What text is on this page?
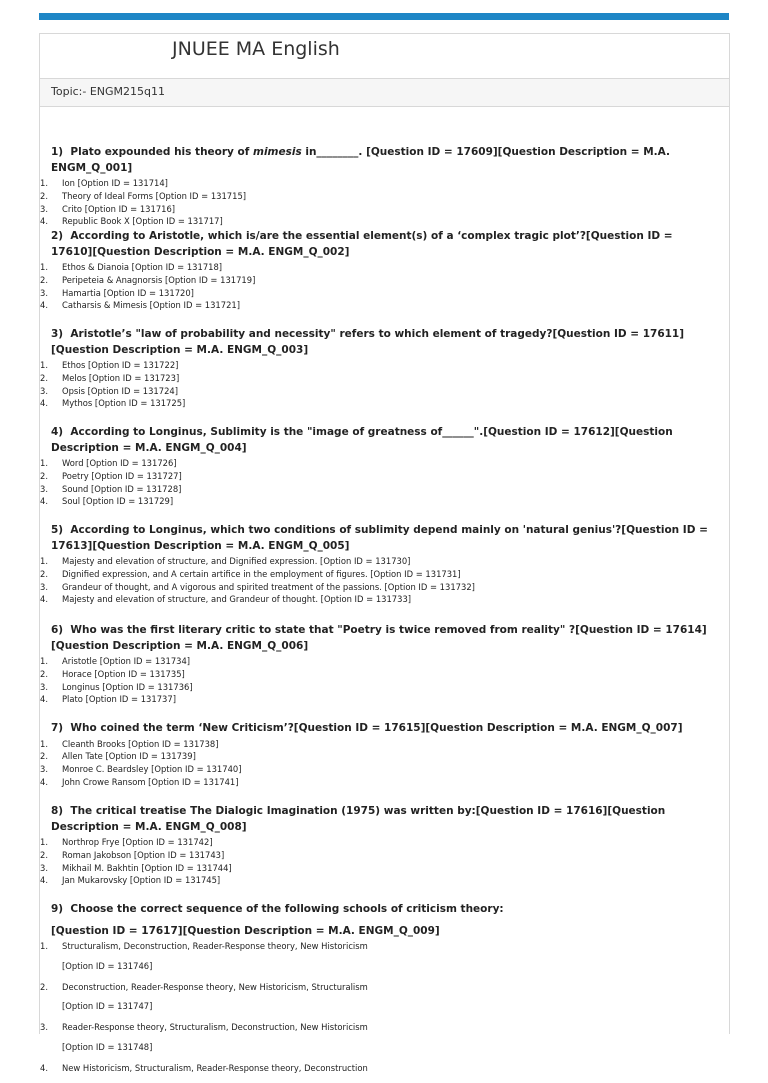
JNUEE MA English
Topic:- ENGM215q11
1) Plato expounded his theory of mimesis in________. [Question ID = 17609][Question Description = M.A. ENGM_Q_001]
1. Ion [Option ID = 131714]
2. Theory of Ideal Forms [Option ID = 131715]
3. Crito [Option ID = 131716]
4. Republic Book X [Option ID = 131717]
2) According to Aristotle, which is/are the essential element(s) of a ‘complex tragic plot’?[Question ID = 17610][Question Description = M.A. ENGM_Q_002]
1. Ethos & Dianoia [Option ID = 131718]
2. Peripeteia & Anagnorsis [Option ID = 131719]
3. Hamartia [Option ID = 131720]
4. Catharsis & Mimesis [Option ID = 131721]
3) Aristotle’s "law of probability and necessity" refers to which element of tragedy?[Question ID = 17611][Question Description = M.A. ENGM_Q_003]
1. Ethos [Option ID = 131722]
2. Melos [Option ID = 131723]
3. Opsis [Option ID = 131724]
4. Mythos [Option ID = 131725]
4) According to Longinus, Sublimity is the "image of greatness of______".[Question ID = 17612][Question Description = M.A. ENGM_Q_004]
1. Word [Option ID = 131726]
2. Poetry [Option ID = 131727]
3. Sound [Option ID = 131728]
4. Soul [Option ID = 131729]
5) According to Longinus, which two conditions of sublimity depend mainly on 'natural genius'?[Question ID = 17613][Question Description = M.A. ENGM_Q_005]
1. Majesty and elevation of structure, and Dignified expression. [Option ID = 131730]
2. Dignified expression, and A certain artifice in the employment of figures. [Option ID = 131731]
3. Grandeur of thought, and A vigorous and spirited treatment of the passions. [Option ID = 131732]
4. Majesty and elevation of structure, and Grandeur of thought. [Option ID = 131733]
6) Who was the first literary critic to state that "Poetry is twice removed from reality" ?[Question ID = 17614][Question Description = M.A. ENGM_Q_006]
1. Aristotle [Option ID = 131734]
2. Horace [Option ID = 131735]
3. Longinus [Option ID = 131736]
4. Plato [Option ID = 131737]
7) Who coined the term ‘New Criticism’?[Question ID = 17615][Question Description = M.A. ENGM_Q_007]
1. Cleanth Brooks [Option ID = 131738]
2. Allen Tate [Option ID = 131739]
3. Monroe C. Beardsley [Option ID = 131740]
4. John Crowe Ransom [Option ID = 131741]
8) The critical treatise The Dialogic Imagination (1975) was written by:[Question ID = 17616][Question Description = M.A. ENGM_Q_008]
1. Northrop Frye [Option ID = 131742]
2. Roman Jakobson [Option ID = 131743]
3. Mikhail M. Bakhtin [Option ID = 131744]
4. Jan Mukarovsky [Option ID = 131745]
9) Choose the correct sequence of the following schools of criticism theory:
[Question ID = 17617][Question Description = M.A. ENGM_Q_009]
1. Structuralism, Deconstruction, Reader-Response theory, New Historicism
[Option ID = 131746]
2. Deconstruction, Reader-Response theory, New Historicism, Structuralism
[Option ID = 131747]
3. Reader-Response theory, Structuralism, Deconstruction, New Historicism
[Option ID = 131748]
4. New Historicism, Structuralism, Reader-Response theory, Deconstruction
